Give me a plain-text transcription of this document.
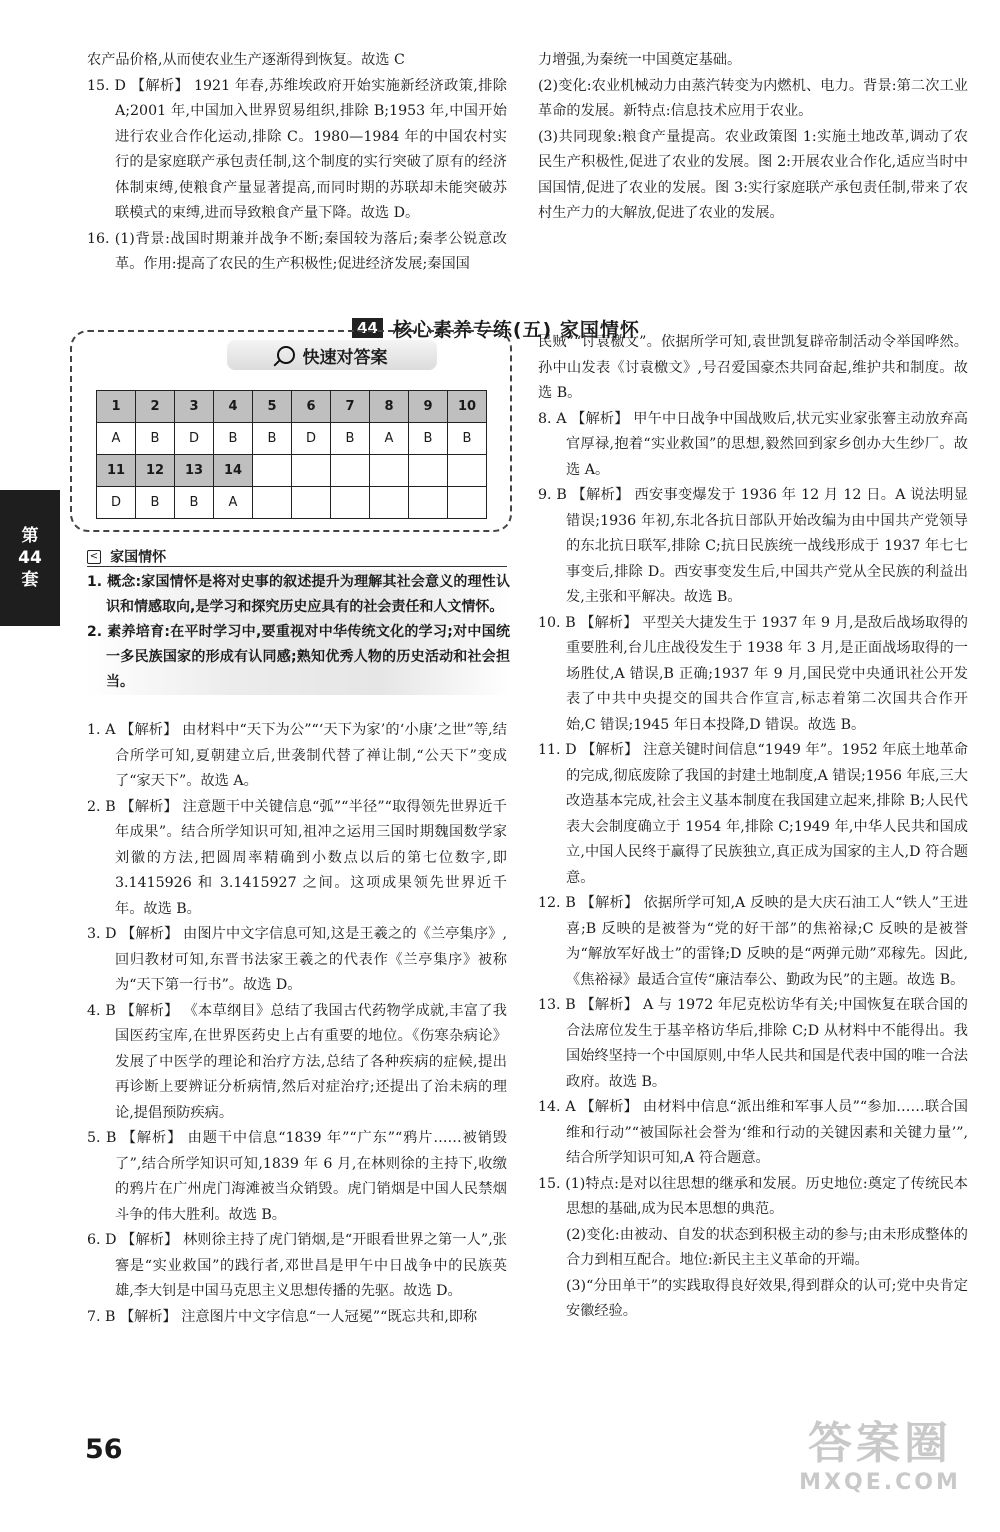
农产品价格,从而使农业生产逐渐得到恢复。故选 C

15. D 【解析】 1921 年春,苏维埃政府开始实施新经济政策,排除 A;2001 年,中国加入世界贸易组织,排除 B;1953 年,中国开始进行农业合作化运动,排除 C。1980—1984 年的中国农村实行的是家庭联产承包责任制,这个制度的实行突破了原有的经济体制束缚,使粮食产量显著提高,而同时期的苏联却未能突破苏联模式的束缚,进而导致粮食产量下降。故选 D。

16. (1)背景:战国时期兼并战争不断;秦国较为落后;秦孝公锐意改革。作用:提高了农民的生产积极性;促进经济发展;秦国国

力增强,为秦统一中国奠定基础。

(2)变化:农业机械动力由蒸汽转变为内燃机、电力。背景:第二次工业革命的发展。新特点:信息技术应用于农业。

(3)共同现象:粮食产量提高。农业政策图 1:实施土地改革,调动了农民生产积极性,促进了农业的发展。图 2:开展农业合作化,适应当时中国国情,促进了农业的发展。图 3:实行家庭联产承包责任制,带来了农村生产力的大解放,促进了农业的发展。

44 核心素养专练(五) 家国情怀
快速对答案
1	2	3	4	5	6	7	8	9	10
A	B	D	B	B	D	B	A	B	B
11	12	13	14						
D	B	B	A						
第
44
套
< 家国情怀

1. 概念:家国情怀是将对史事的叙述提升为理解其社会意义的理性认识和情感取向,是学习和探究历史应具有的社会责任和人文情怀。

2. 素养培育:在平时学习中,要重视对中华传统文化的学习;对中国统一多民族国家的形成有认同感;熟知优秀人物的历史活动和社会担当。

1. A 【解析】 由材料中“天下为公”“‘天下为家’的‘小康’之世”等,结合所学可知,夏朝建立后,世袭制代替了禅让制,“公天下”变成了“家天下”。故选 A。

2. B 【解析】 注意题干中关键信息“弧”“半径”“取得领先世界近千年成果”。结合所学知识可知,祖冲之运用三国时期魏国数学家刘徽的方法,把圆周率精确到小数点以后的第七位数字,即 3.1415926 和 3.1415927 之间。这项成果领先世界近千年。故选 B。

3. D 【解析】 由图片中文字信息可知,这是王羲之的《兰亭集序》,回归教材可知,东晋书法家王羲之的代表作《兰亭集序》被称为“天下第一行书”。故选 D。

4. B 【解析】 《本草纲目》总结了我国古代药物学成就,丰富了我国医药宝库,在世界医药史上占有重要的地位。《伤寒杂病论》发展了中医学的理论和治疗方法,总结了各种疾病的症候,提出再诊断上要辨证分析病情,然后对症治疗;还提出了治未病的理论,提倡预防疾病。

5. B 【解析】 由题干中信息“1839 年”“广东”“鸦片……被销毁了”,结合所学知识可知,1839 年 6 月,在林则徐的主持下,收缴的鸦片在广州虎门海滩被当众销毁。虎门销烟是中国人民禁烟斗争的伟大胜利。故选 B。

6. D 【解析】 林则徐主持了虎门销烟,是“开眼看世界之第一人”,张謇是“实业救国”的践行者,邓世昌是甲午中日战争中的民族英雄,李大钊是中国马克思主义思想传播的先驱。故选 D。

7. B 【解析】 注意图片中文字信息“一人冠冕”“既忘共和,即称

民贼”“讨袁檄文”。依据所学可知,袁世凯复辟帝制活动令举国哗然。孙中山发表《讨袁檄文》,号召爱国豪杰共同奋起,维护共和制度。故选 B。

8. A 【解析】 甲午中日战争中国战败后,状元实业家张謇主动放弃高官厚禄,抱着“实业救国”的思想,毅然回到家乡创办大生纱厂。故选 A。

9. B 【解析】 西安事变爆发于 1936 年 12 月 12 日。A 说法明显错误;1936 年初,东北各抗日部队开始改编为由中国共产党领导的东北抗日联军,排除 C;抗日民族统一战线形成于 1937 年七七事变后,排除 D。西安事变发生后,中国共产党从全民族的利益出发,主张和平解决。故选 B。

10. B 【解析】 平型关大捷发生于 1937 年 9 月,是敌后战场取得的重要胜利,台儿庄战役发生于 1938 年 3 月,是正面战场取得的一场胜仗,A 错误,B 正确;1937 年 9 月,国民党中央通讯社公开发表了中共中央提交的国共合作宣言,标志着第二次国共合作开始,C 错误;1945 年日本投降,D 错误。故选 B。

11. D 【解析】 注意关键时间信息“1949 年”。1952 年底土地革命的完成,彻底废除了我国的封建土地制度,A 错误;1956 年底,三大改造基本完成,社会主义基本制度在我国建立起来,排除 B;人民代表大会制度确立于 1954 年,排除 C;1949 年,中华人民共和国成立,中国人民终于赢得了民族独立,真正成为国家的主人,D 符合题意。

12. B 【解析】 依据所学可知,A 反映的是大庆石油工人“铁人”王进喜;B 反映的是被誉为“党的好干部”的焦裕禄;C 反映的是被誉为“解放军好战士”的雷锋;D 反映的是“两弹元勋”邓稼先。因此,《焦裕禄》最适合宣传“廉洁奉公、勤政为民”的主题。故选 B。

13. B 【解析】 A 与 1972 年尼克松访华有关;中国恢复在联合国的合法席位发生于基辛格访华后,排除 C;D 从材料中不能得出。我国始终坚持一个中国原则,中华人民共和国是代表中国的唯一合法政府。故选 B。

14. A 【解析】 由材料中信息“派出维和军事人员”“参加……联合国维和行动”“被国际社会誉为‘维和行动的关键因素和关键力量’”,结合所学知识可知,A 符合题意。

15. (1)特点:是对以往思想的继承和发展。历史地位:奠定了传统民本思想的基础,成为民本思想的典范。

(2)变化:由被动、自发的状态到积极主动的参与;由未形成整体的合力到相互配合。地位:新民主主义革命的开端。

(3)“分田单干”的实践取得良好效果,得到群众的认可;党中央肯定安徽经验。

56	答案圈
MXQE.COM
